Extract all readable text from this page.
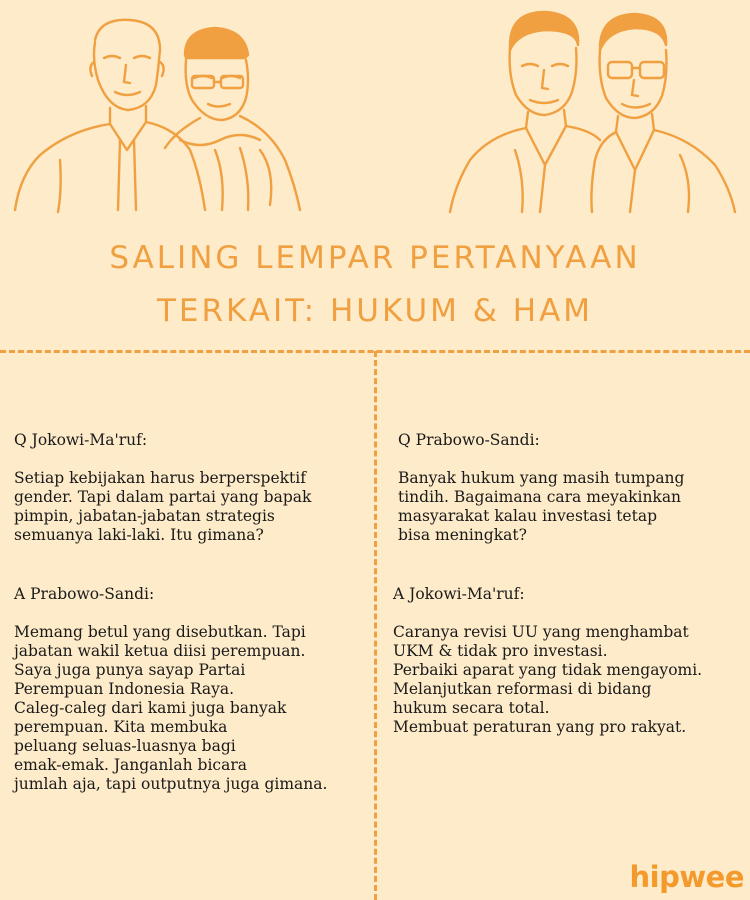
SALING LEMPAR PERTANYAAN
TERKAIT: HUKUM & HAM

Q Jokowi-Ma'ruf:

Setiap kebijakan harus berperspektif
gender. Tapi dalam partai yang bapak
pimpin, jabatan-jabatan strategis
semuanya laki-laki. Itu gimana?

Q Prabowo-Sandi:

Banyak hukum yang masih tumpang
tindih. Bagaimana cara meyakinkan
masyarakat kalau investasi tetap
bisa meningkat?

A Prabowo-Sandi:

Memang betul yang disebutkan. Tapi
jabatan wakil ketua diisi perempuan.
Saya juga punya sayap Partai
Perempuan Indonesia Raya.
Caleg-caleg dari kami juga banyak
perempuan. Kita membuka
peluang seluas-luasnya bagi
emak-emak. Janganlah bicara
jumlah aja, tapi outputnya juga gimana.

A Jokowi-Ma'ruf:

Caranya revisi UU yang menghambat
UKM & tidak pro investasi.
Perbaiki aparat yang tidak mengayomi.
Melanjutkan reformasi di bidang
hukum secara total.
Membuat peraturan yang pro rakyat.

hipwee
